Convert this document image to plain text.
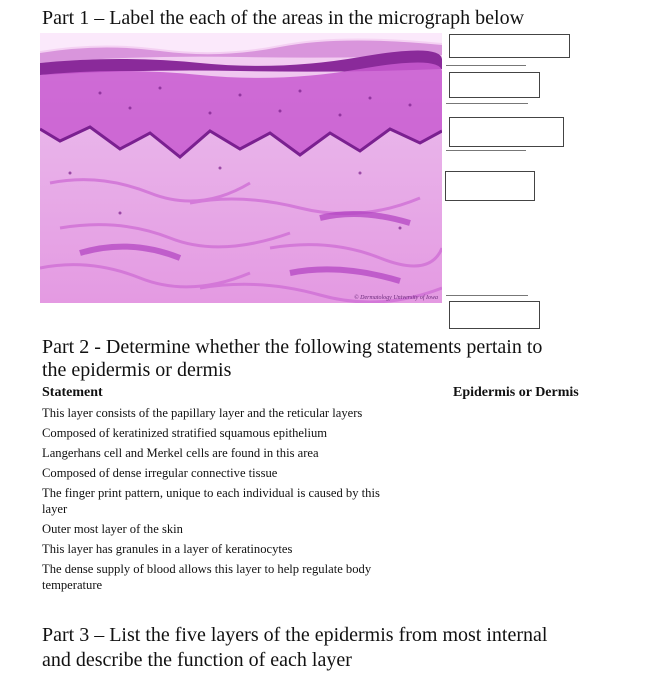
Part 1 – Label the each of the areas in the micrograph below
© Dermatology University of Iowa
Part 2 - Determine whether the following statements pertain to
the epidermis or dermis
Statement	Epidermis or Dermis
This layer consists of the papillary layer and the reticular layers
Composed of keratinized stratified squamous epithelium
Langerhans cell and Merkel cells are found in this area
Composed of dense irregular connective tissue
The finger print pattern, unique to each individual is caused by this
layer
Outer most layer of the skin
This layer has granules in a layer of keratinocytes
The dense supply of blood allows this layer to help regulate body
temperature
Part 3 – List the five layers of the epidermis from most internal
and describe the function of each layer
